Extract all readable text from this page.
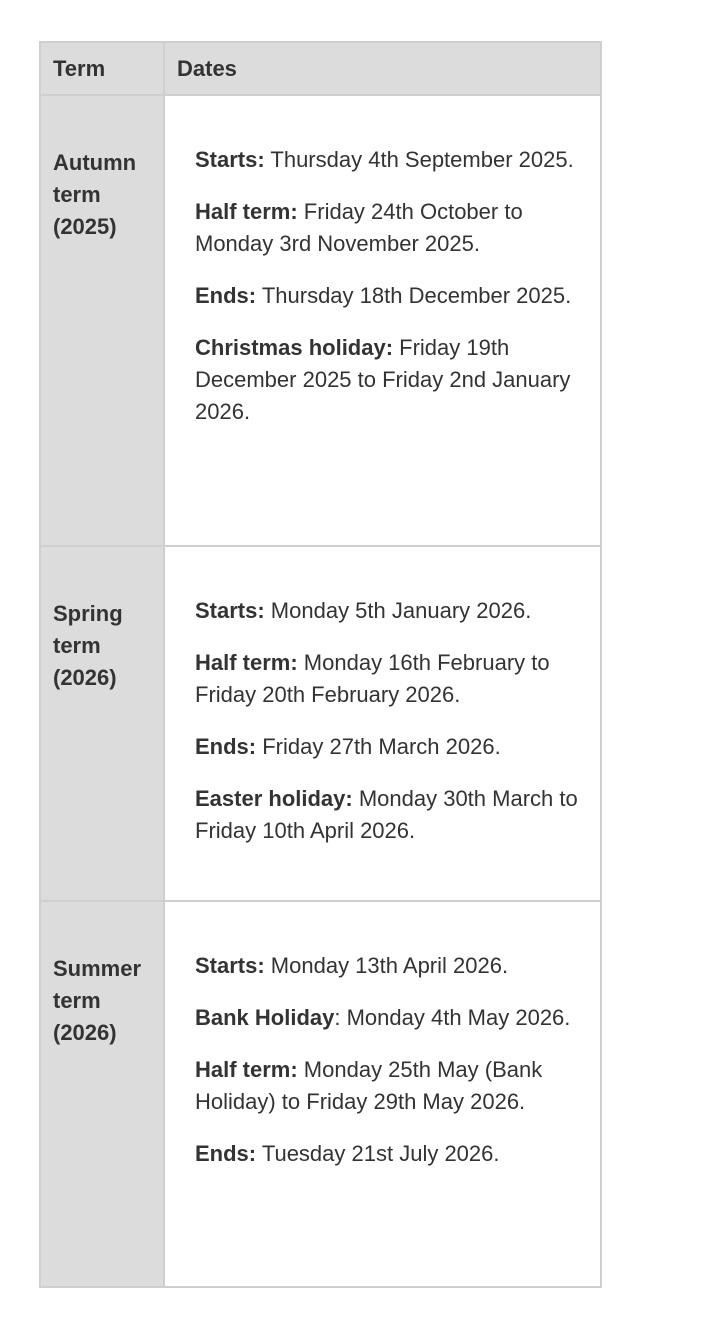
Term	Dates
Autumn term (2025)	Starts: Thursday 4th September 2025.

Half term: Friday 24th October to Monday 3rd November 2025.

Ends: Thursday 18th December 2025.

Christmas holiday: Friday 19th December 2025 to Friday 2nd January 2026.

Spring term (2026)	Starts: Monday 5th January 2026.

Half term: Monday 16th February to Friday 20th February 2026.

Ends: Friday 27th March 2026.

Easter holiday: Monday 30th March to Friday 10th April 2026.

Summer term (2026)	Starts: Monday 13th April 2026.

Bank Holiday: Monday 4th May 2026.

Half term: Monday 25th May (Bank Holiday) to Friday 29th May 2026.

Ends: Tuesday 21st July 2026.
